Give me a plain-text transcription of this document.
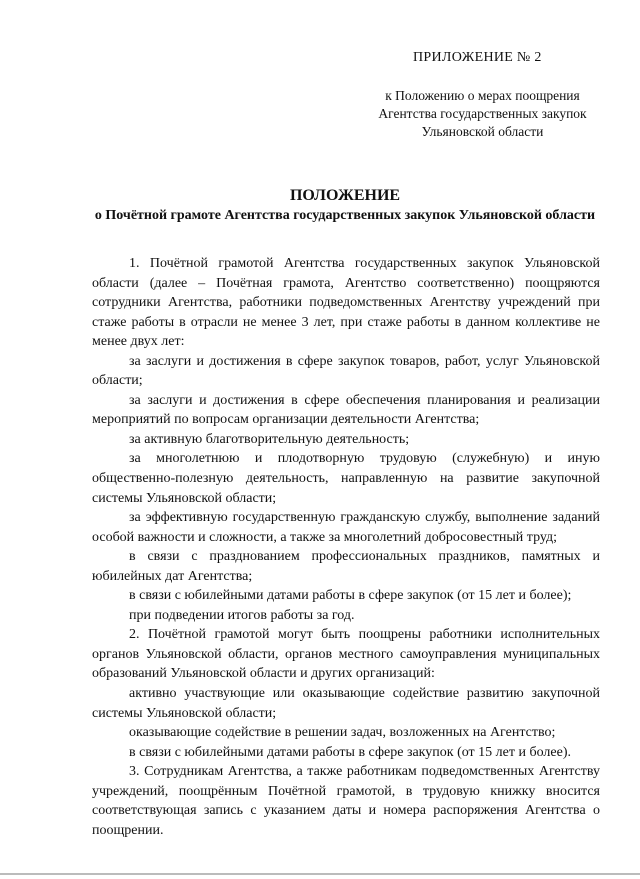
ПРИЛОЖЕНИЕ № 2
к Положению о мерах поощрения Агентства государственных закупок Ульяновской области
ПОЛОЖЕНИЕ
о Почётной грамоте Агентства государственных закупок Ульяновской области

1. Почётной грамотой Агентства государственных закупок Ульяновской области (далее – Почётная грамота, Агентство соответственно) поощряются сотрудники Агентства, работники подведомственных Агентству учреждений при стаже работы в отрасли не менее 3 лет, при стаже работы в данном коллективе не менее двух лет:

за заслуги и достижения в сфере закупок товаров, работ, услуг Ульяновской области;

за заслуги и достижения в сфере обеспечения планирования и реализации мероприятий по вопросам организации деятельности Агентства;

за активную благотворительную деятельность;

за многолетнюю и плодотворную трудовую (служебную) и иную общественно-полезную деятельность, направленную на развитие закупочной системы Ульяновской области;

за эффективную государственную гражданскую службу, выполнение заданий особой важности и сложности, а также за многолетний добросовестный труд;

в связи с празднованием профессиональных праздников, памятных и юбилейных дат Агентства;

в связи с юбилейными датами работы в сфере закупок (от 15 лет и более);

при подведении итогов работы за год.

2. Почётной грамотой могут быть поощрены работники исполнительных органов Ульяновской области, органов местного самоуправления муниципальных образований Ульяновской области и других организаций:

активно участвующие или оказывающие содействие развитию закупочной системы Ульяновской области;

оказывающие содействие в решении задач, возложенных на Агентство;

в связи с юбилейными датами работы в сфере закупок (от 15 лет и более).

3. Сотрудникам Агентства, а также работникам подведомственных Агентству учреждений, поощрённым Почётной грамотой, в трудовую книжку вносится соответствующая запись с указанием даты и номера распоряжения Агентства о поощрении.
